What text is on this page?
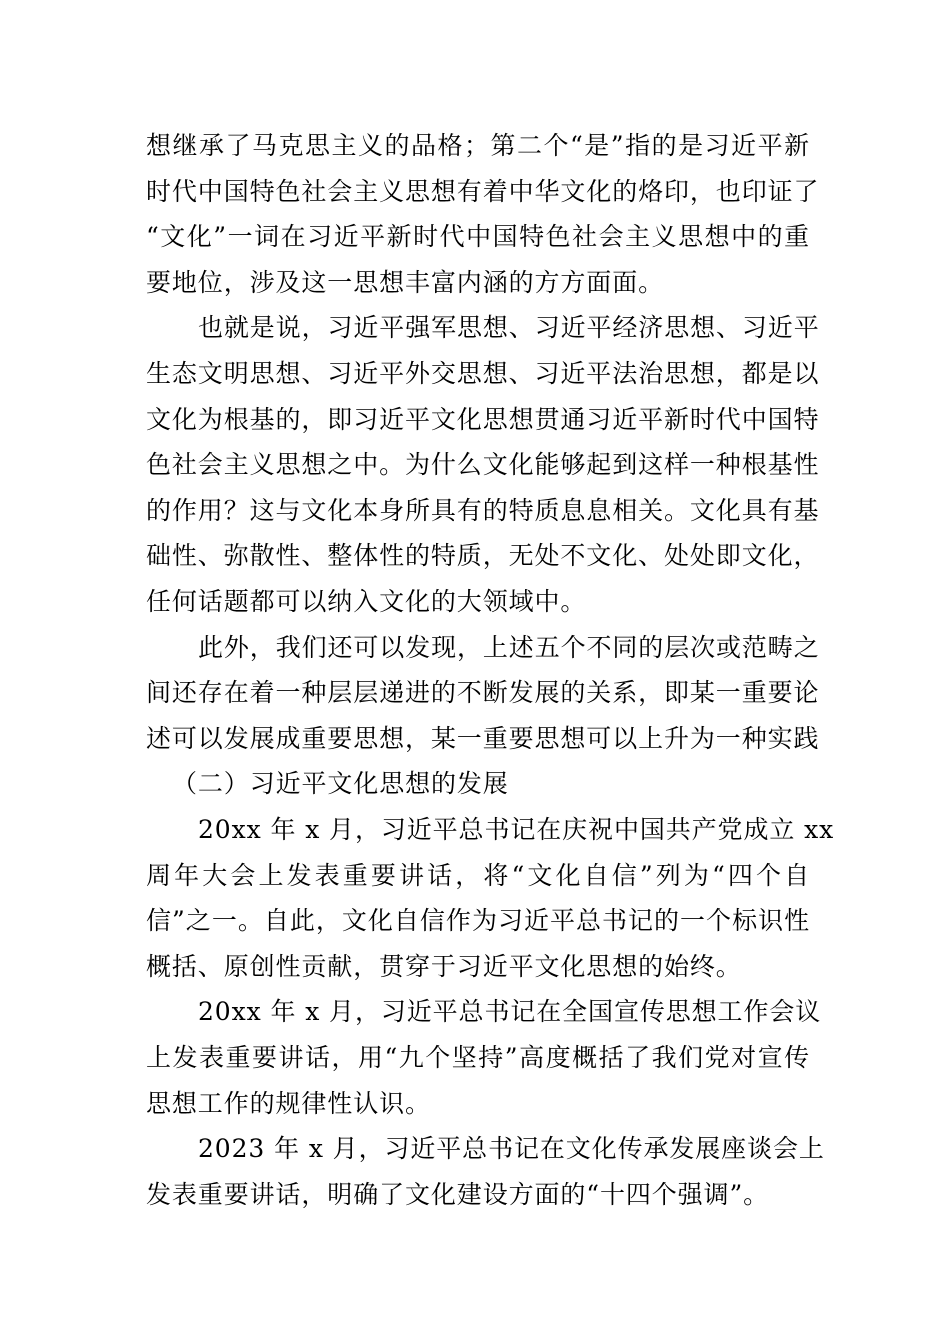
想继承了马克思主义的品格；第二个“是”指的是习近平新
时代中国特色社会主义思想有着中华文化的烙印，也印证了
“文化”一词在习近平新时代中国特色社会主义思想中的重
要地位，涉及这一思想丰富内涵的方方面面。
也就是说，习近平强军思想、习近平经济思想、习近平
生态文明思想、习近平外交思想、习近平法治思想，都是以
文化为根基的，即习近平文化思想贯通习近平新时代中国特
色社会主义思想之中。为什么文化能够起到这样一种根基性
的作用？这与文化本身所具有的特质息息相关。文化具有基
础性、弥散性、整体性的特质，无处不文化、处处即文化，
任何话题都可以纳入文化的大领域中。
此外，我们还可以发现，上述五个不同的层次或范畴之
间还存在着一种层层递进的不断发展的关系，即某一重要论
述可以发展成重要思想，某一重要思想可以上升为一种实践
（二）习近平文化思想的发展
20xx 年 x 月，习近平总书记在庆祝中国共产党成立 xx
周年大会上发表重要讲话，将“文化自信”列为“四个自
信”之一。自此，文化自信作为习近平总书记的一个标识性
概括、原创性贡献，贯穿于习近平文化思想的始终。
20xx 年 x 月，习近平总书记在全国宣传思想工作会议
上发表重要讲话，用“九个坚持”高度概括了我们党对宣传
思想工作的规律性认识。
2023 年 x 月，习近平总书记在文化传承发展座谈会上
发表重要讲话，明确了文化建设方面的“十四个强调”。
